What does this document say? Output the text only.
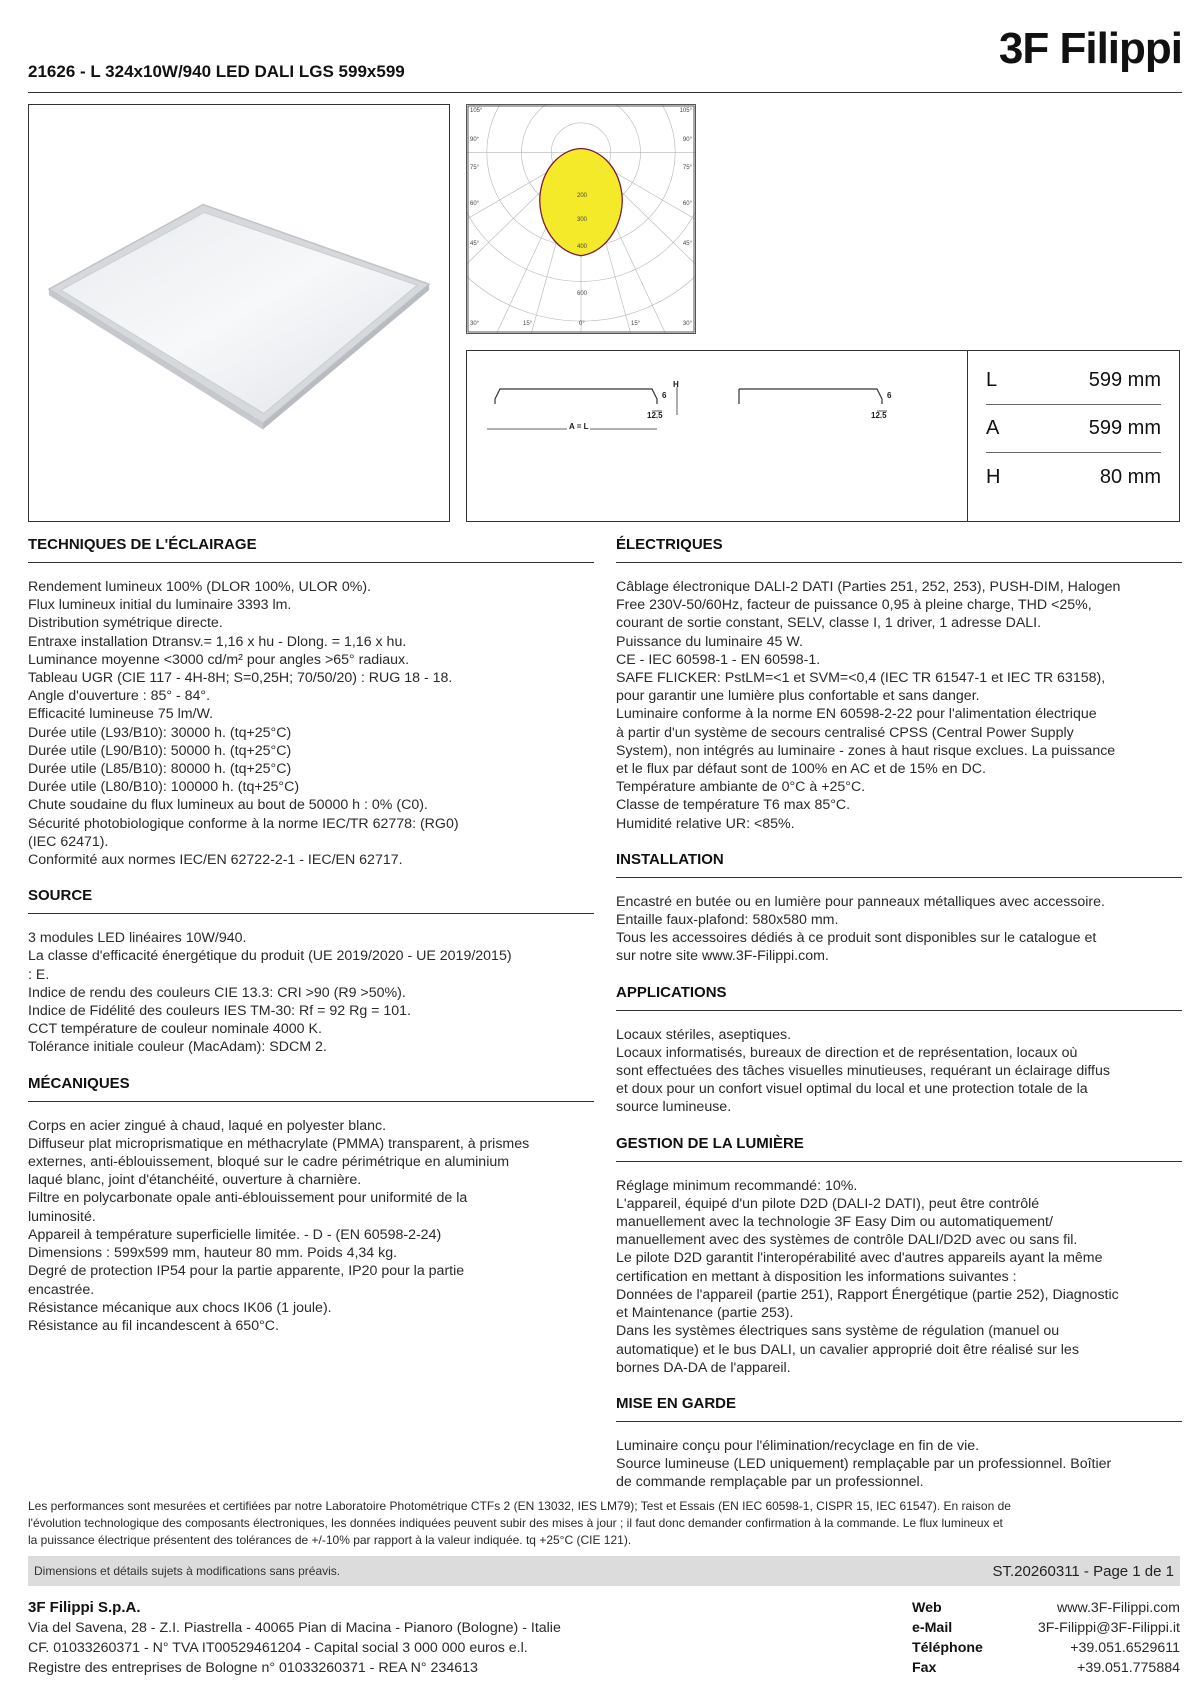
3F Filippi
21626 - L 324x10W/940 LED DALI LGS 599x599
105°	105°
90°
75°
60°
45°
90°
75°
60°
45°
30°	15°	0°	15°	30°
200
300
400
600
A = L
H
6	6
12.5	12.5
L	599 mm
A	599 mm
H	80 mm
TECHNIQUES DE L'ÉCLAIRAGE

Rendement lumineux 100% (DLOR 100%, ULOR 0%).

Flux lumineux initial du luminaire 3393 lm.

Distribution symétrique directe.

Entraxe installation Dtransv.= 1,16 x hu - Dlong. = 1,16 x hu.

Luminance moyenne <3000 cd/m² pour angles >65° radiaux.

Tableau UGR (CIE 117 - 4H-8H; S=0,25H; 70/50/20) : RUG 18 - 18.

Angle d'ouverture : 85° - 84°.

Efficacité lumineuse 75 lm/W.

Durée utile (L93/B10): 30000 h. (tq+25°C)

Durée utile (L90/B10): 50000 h. (tq+25°C)

Durée utile (L85/B10): 80000 h. (tq+25°C)

Durée utile (L80/B10): 100000 h. (tq+25°C)

Chute soudaine du flux lumineux au bout de 50000 h : 0% (C0).

Sécurité photobiologique conforme à la norme IEC/TR 62778: (RG0)

(IEC 62471).

Conformité aux normes IEC/EN 62722-2-1 - IEC/EN 62717.

SOURCE

3 modules LED linéaires 10W/940.

La classe d'efficacité énergétique du produit (UE 2019/2020 - UE 2019/2015)

: E.

Indice de rendu des couleurs CIE 13.3: CRI >90 (R9 >50%).

Indice de Fidélité des couleurs IES TM-30: Rf = 92 Rg = 101.

CCT température de couleur nominale 4000 K.

Tolérance initiale couleur (MacAdam): SDCM 2.

MÉCANIQUES

Corps en acier zingué à chaud, laqué en polyester blanc.

Diffuseur plat microprismatique en méthacrylate (PMMA) transparent, à prismes

externes, anti-éblouissement, bloqué sur le cadre périmétrique en aluminium

laqué blanc, joint d'étanchéité, ouverture à charnière.

Filtre en polycarbonate opale anti-éblouissement pour uniformité de la

luminosité.

Appareil à température superficielle limitée. - D - (EN 60598-2-24)

Dimensions : 599x599 mm, hauteur 80 mm. Poids 4,34 kg.

Degré de protection IP54 pour la partie apparente, IP20 pour la partie

encastrée.

Résistance mécanique aux chocs IK06 (1 joule).

Résistance au fil incandescent à 650°C.

ÉLECTRIQUES

Câblage électronique DALI-2 DATI (Parties 251, 252, 253), PUSH-DIM, Halogen

Free 230V-50/60Hz, facteur de puissance 0,95 à pleine charge, THD <25%,

courant de sortie constant, SELV, classe I, 1 driver, 1 adresse DALI.

Puissance du luminaire 45 W.

CE - IEC 60598-1 - EN 60598-1.

SAFE FLICKER: PstLM=<1 et SVM=<0,4 (IEC TR 61547-1 et IEC TR 63158),

pour garantir une lumière plus confortable et sans danger.

Luminaire conforme à la norme EN 60598-2-22 pour l'alimentation électrique

à partir d'un système de secours centralisé CPSS (Central Power Supply

System), non intégrés au luminaire - zones à haut risque exclues. La puissance

et le flux par défaut sont de 100% en AC et de 15% en DC.

Température ambiante de 0°C à +25°C.

Classe de température T6 max 85°C.

Humidité relative UR: <85%.

INSTALLATION

Encastré en butée ou en lumière pour panneaux métalliques avec accessoire.

Entaille faux-plafond: 580x580 mm.

Tous les accessoires dédiés à ce produit sont disponibles sur le catalogue et

sur notre site www.3F-Filippi.com.

APPLICATIONS

Locaux stériles, aseptiques.

Locaux informatisés, bureaux de direction et de représentation, locaux où

sont effectuées des tâches visuelles minutieuses, requérant un éclairage diffus

et doux pour un confort visuel optimal du local et une protection totale de la

source lumineuse.

GESTION DE LA LUMIÈRE

Réglage minimum recommandé: 10%.

L'appareil, équipé d'un pilote D2D (DALI-2 DATI), peut être contrôlé

manuellement avec la technologie 3F Easy Dim ou automatiquement/

manuellement avec des systèmes de contrôle DALI/D2D avec ou sans fil.

Le pilote D2D garantit l'interopérabilité avec d'autres appareils ayant la même

certification en mettant à disposition les informations suivantes :

Données de l'appareil (partie 251), Rapport Énergétique (partie 252), Diagnostic

et Maintenance (partie 253).

Dans les systèmes électriques sans système de régulation (manuel ou

automatique) et le bus DALI, un cavalier approprié doit être réalisé sur les

bornes DA-DA de l'appareil.

MISE EN GARDE

Luminaire conçu pour l'élimination/recyclage en fin de vie.

Source lumineuse (LED uniquement) remplaçable par un professionnel. Boîtier

de commande remplaçable par un professionnel.

Les performances sont mesurées et certifiées par notre Laboratoire Photométrique CTFs 2 (EN 13032, IES LM79); Test et Essais (EN IEC 60598-1, CISPR 15, IEC 61547). En raison de
l'évolution technologique des composants électroniques, les données indiquées peuvent subir des mises à jour ; il faut donc demander confirmation à la commande. Le flux lumineux et
la puissance électrique présentent des tolérances de +/-10% par rapport à la valeur indiquée. tq +25°C (CIE 121).
Dimensions et détails sujets à modifications sans préavis.	ST.20260311 - Page 1 de 1
3F Filippi S.p.A.
Via del Savena, 28 - Z.I. Piastrella - 40065 Pian di Macina - Pianoro (Bologne) - Italie
CF. 01033260371 - N° TVA IT00529461204 - Capital social 3 000 000 euros e.l.
Registre des entreprises de Bologne n° 01033260371 - REA N° 234613
Web	www.3F-Filippi.com
e-Mail	3F-Filippi@3F-Filippi.it
Téléphone	+39.051.6529611
Fax	+39.051.775884
